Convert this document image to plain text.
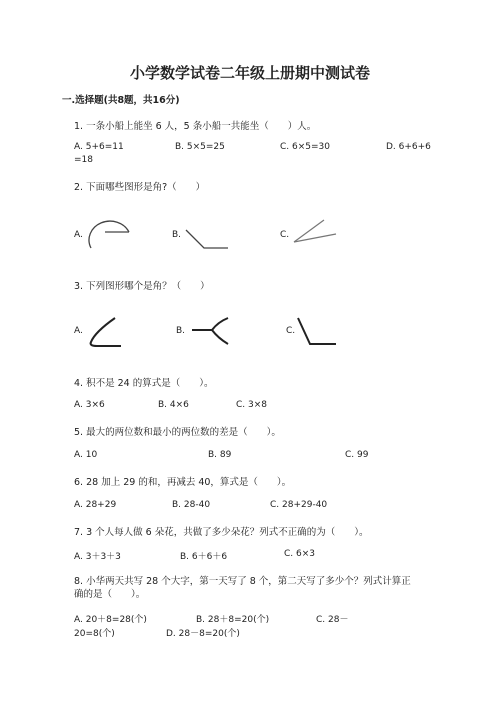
小学数学试卷二年级上册期中测试卷
一.选择题(共8题，共16分)
1. 一条小船上能坐 6 人，5 条小船一共能坐（　　）人。
A. 5+6=11	B. 5×5=25	C. 6×5=30	D. 6+6+6
=18
2. 下面哪些图形是角?（　　）
A.	B.	C.
3. 下列图形哪个是角？（　　）
A.	B.	C.
4. 积不是 24 的算式是（　　）。
A. 3×6	B. 4×6	C. 3×8
5. 最大的两位数和最小的两位数的差是（　　）。
A. 10	B. 89	C. 99
6. 28 加上 29 的和，再减去 40，算式是（　　）。
A. 28+29	B. 28-40	C. 28+29-40
7. 3 个人每人做 6 朵花，共做了多少朵花？列式不正确的为（　　）。
A. 3＋3＋3	B. 6＋6＋6	C. 6×3
8. 小华两天共写 28 个大字，第一天写了 8 个，第二天写了多少个？列式计算正
确的是（　　）。
A. 20＋8=28(个)	B. 28＋8=20(个)	C. 28－
20=8(个)	D. 28－8=20(个)
